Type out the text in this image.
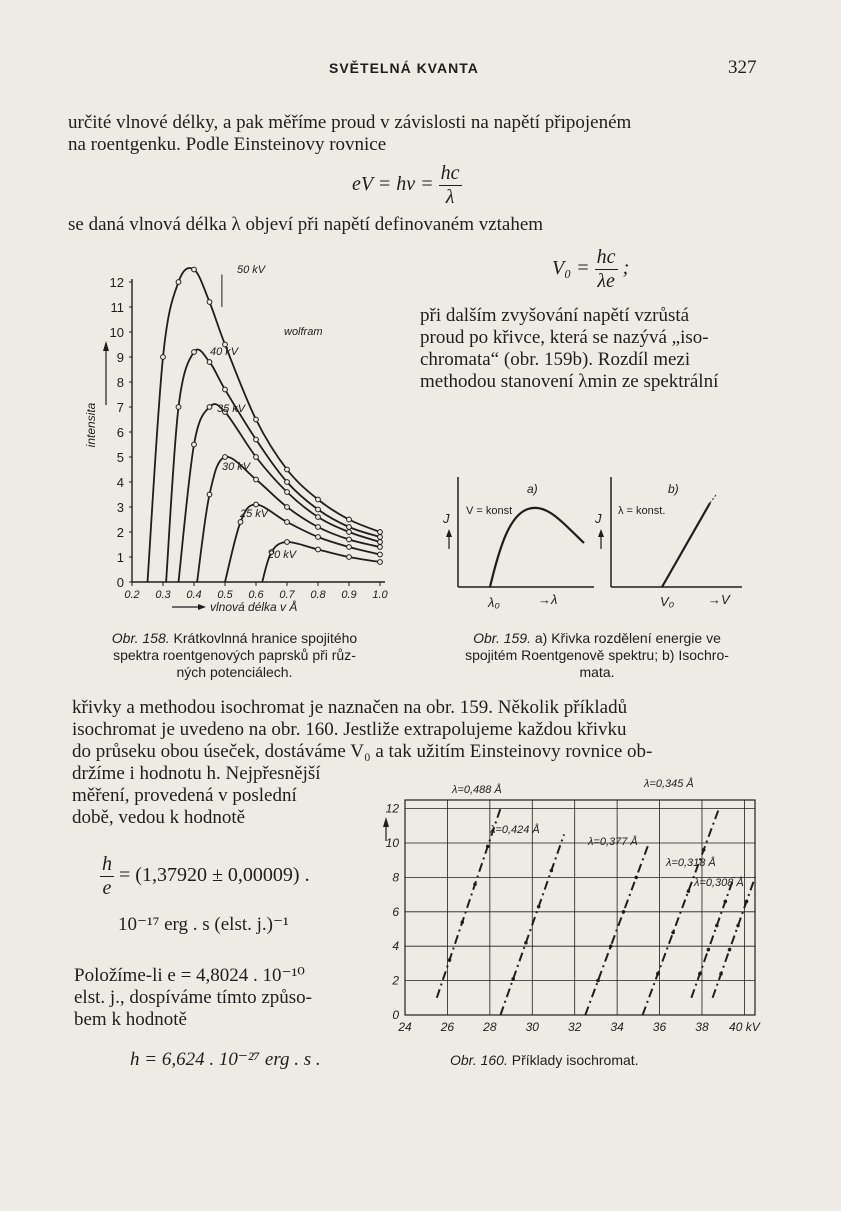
SVĚTELNÁ KVANTA	327
určité vlnové délky, a pak měříme proud v závislosti na napětí připojeném
na roentgenku. Podle Einsteinovy rovnice
eV = $h\nu = \frac{hc}{\lambda}$
se daná vlnová délka λ objeví při napětí definovaném vztahem
$V_0 = \frac{hc}{\lambda e}$ ;
při dalším zvyšování napětí vzrůstá
proud po křivce, která se nazývá „iso-
chromata“ (obr. 159b). Rozdíl mezi
methodou stanovení λmin ze spektrální
0
1
2
3
4
5
6
7
8
9
10
11
12
0.2 0.3 0.4 0.5 0.6 0.7 0.8 0.9 1.0
intensita
vlnová délka v Å
50 kV
wolfram
40 kV
35 kV
30 kV
25 kV
20 kV
a)
V = konst
J
λ₀	→λ
b)
λ = konst.
J
V₀	→V
Obr. 158. Krátkovlnná hranice spojitého
spektra roentgenových paprsků při růz-
ných potenciálech.
Obr. 159. a) Křivka rozdělení energie ve
spojitém Roentgenově spektru; b) Isochro-
mata.
křivky a methodou isochromat je naznačen na obr. 159. Několik příkladů
isochromat je uvedeno na obr. 160. Jestliže extrapolujeme každou křivku
do průseku obou úseček, dostáváme V₀ a tak užitím Einsteinovy rovnice ob-
držíme i hodnotu h. Nejpřesnější
měření, provedená v poslední
době, vedou k hodnotě
$\frac{h}{e} = (1,37920 \pm 0,00009)$ .
10⁻¹⁷ erg . s (elst. j.)⁻¹
Položíme-li e = 4,8024 . 10⁻¹⁰
elst. j., dospíváme tímto způso-
bem k hodnotě
h = 6,624 . 10⁻²⁷ erg . s .
24 26 28 30 32 34 36 38 40 kV
0
2
4
6
8
10
12
λ=0,488 Å
λ=0,424 Å
λ=0,377 Å
λ=0,345 Å
λ=0,318 Å
λ=0,308 Å
Obr. 160. Příklady isochromat.
